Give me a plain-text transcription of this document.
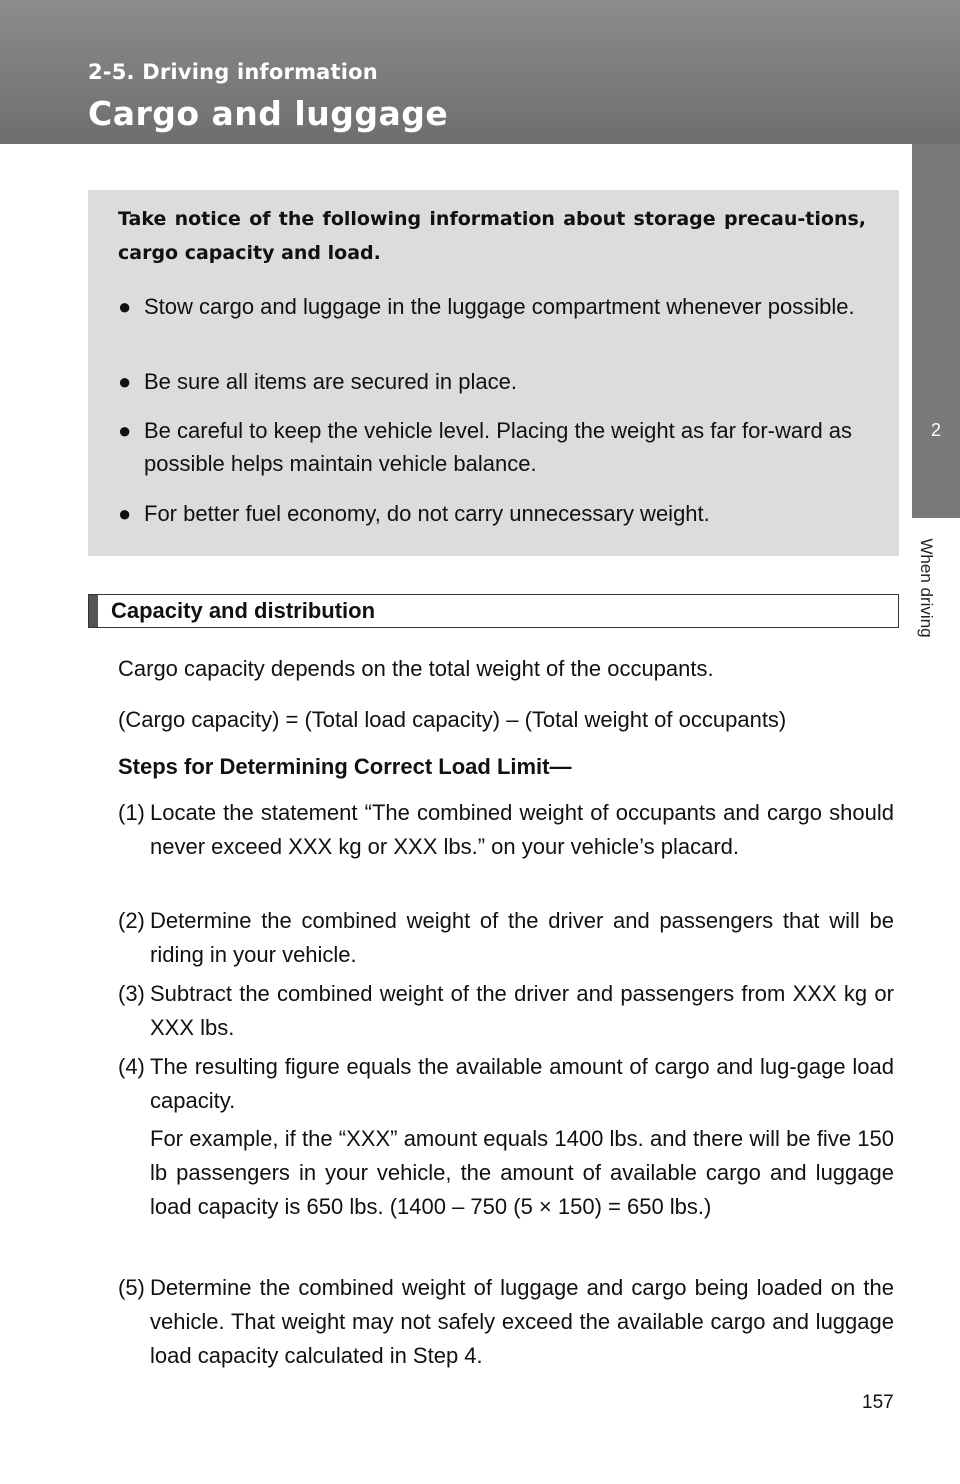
2-5. Driving information
Cargo and luggage
2
When driving
Take notice of the following information about storage precau-tions, cargo capacity and load.
● Stow cargo and luggage in the luggage compartment whenever possible.
● Be sure all items are secured in place.
● Be careful to keep the vehicle level. Placing the weight as far for-ward as possible helps maintain vehicle balance.
● For better fuel economy, do not carry unnecessary weight.
Capacity and distribution
Cargo capacity depends on the total weight of the occupants.
(Cargo capacity) = (Total load capacity) – (Total weight of occupants)
Steps for Determining Correct Load Limit—
(1) Locate the statement “The combined weight of occupants and cargo should never exceed XXX kg or XXX lbs.” on your vehicle’s placard.
(2) Determine the combined weight of the driver and passengers that will be riding in your vehicle.
(3) Subtract the combined weight of the driver and passengers from XXX kg or XXX lbs.
(4) The resulting figure equals the available amount of cargo and lug-gage load capacity.
For example, if the “XXX” amount equals 1400 lbs. and there will be five 150 lb passengers in your vehicle, the amount of available cargo and luggage load capacity is 650 lbs. (1400 – 750 (5 × 150) = 650 lbs.)
(5) Determine the combined weight of luggage and cargo being loaded on the vehicle. That weight may not safely exceed the available cargo and luggage load capacity calculated in Step 4.
157
